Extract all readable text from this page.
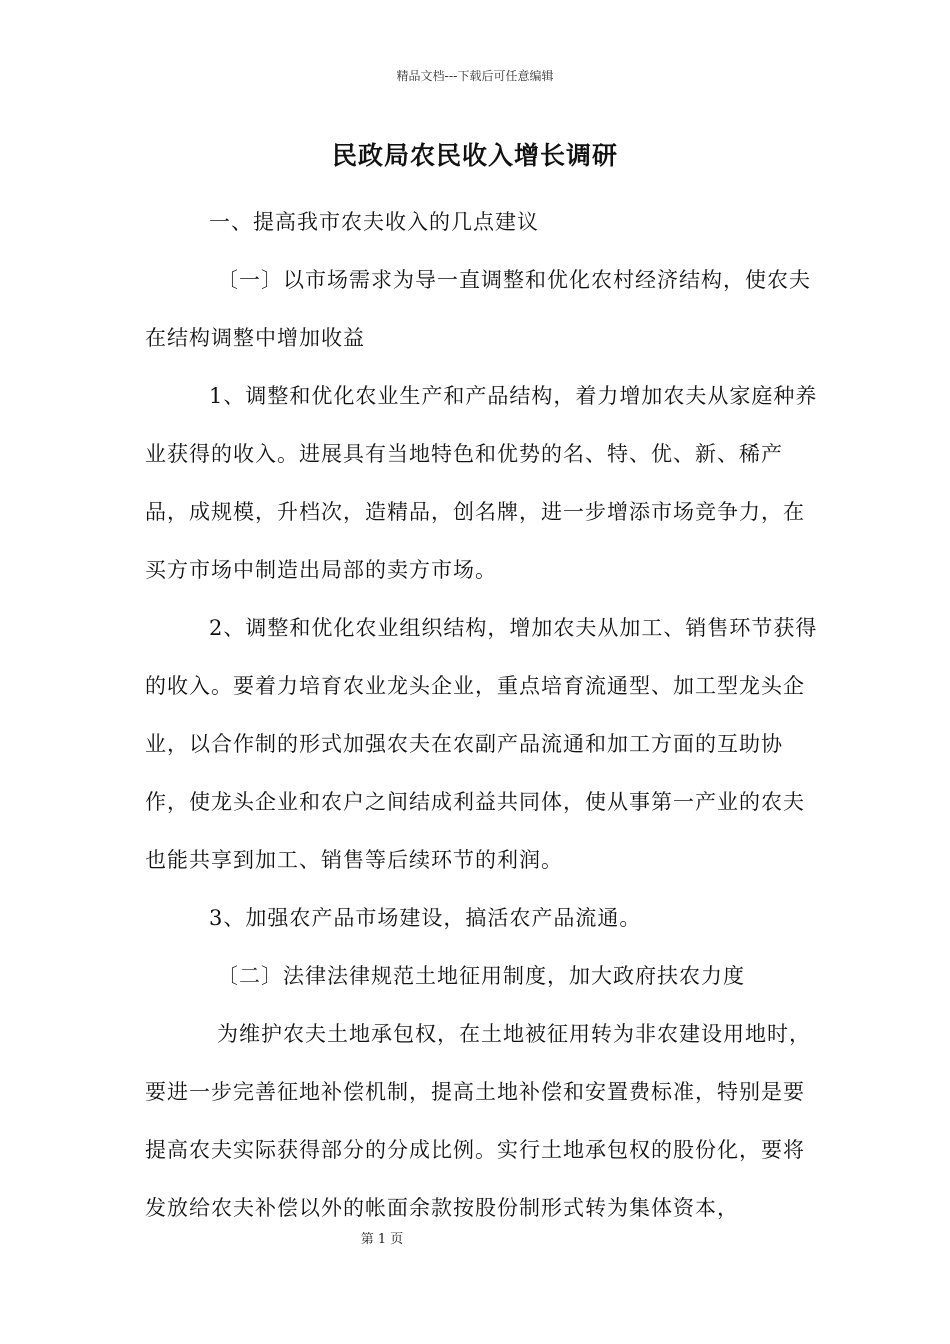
精品文档---下载后可任意编辑
民政局农民收入增长调研

一、提高我市农夫收入的几点建议

〔一〕以市场需求为导一直调整和优化农村经济结构，使农夫在结构调整中增加收益

1、调整和优化农业生产和产品结构，着力增加农夫从家庭种养业获得的收入。进展具有当地特色和优势的名、特、优、新、稀产品，成规模，升档次，造精品，创名牌，进一步增添市场竞争力，在买方市场中制造出局部的卖方市场。

2、调整和优化农业组织结构，增加农夫从加工、销售环节获得的收入。要着力培育农业龙头企业，重点培育流通型、加工型龙头企业，以合作制的形式加强农夫在农副产品流通和加工方面的互助协作，使龙头企业和农户之间结成利益共同体，使从事第一产业的农夫也能共享到加工、销售等后续环节的利润。

3、加强农产品市场建设，搞活农产品流通。

〔二〕法律法律规范土地征用制度，加大政府扶农力度

为维护农夫土地承包权，在土地被征用转为非农建设用地时，要进一步完善征地补偿机制，提高土地补偿和安置费标准，特别是要提高农夫实际获得部分的分成比例。实行土地承包权的股份化，要将发放给农夫补偿以外的帐面余款按股份制形式转为集体资本，

第 1 页
